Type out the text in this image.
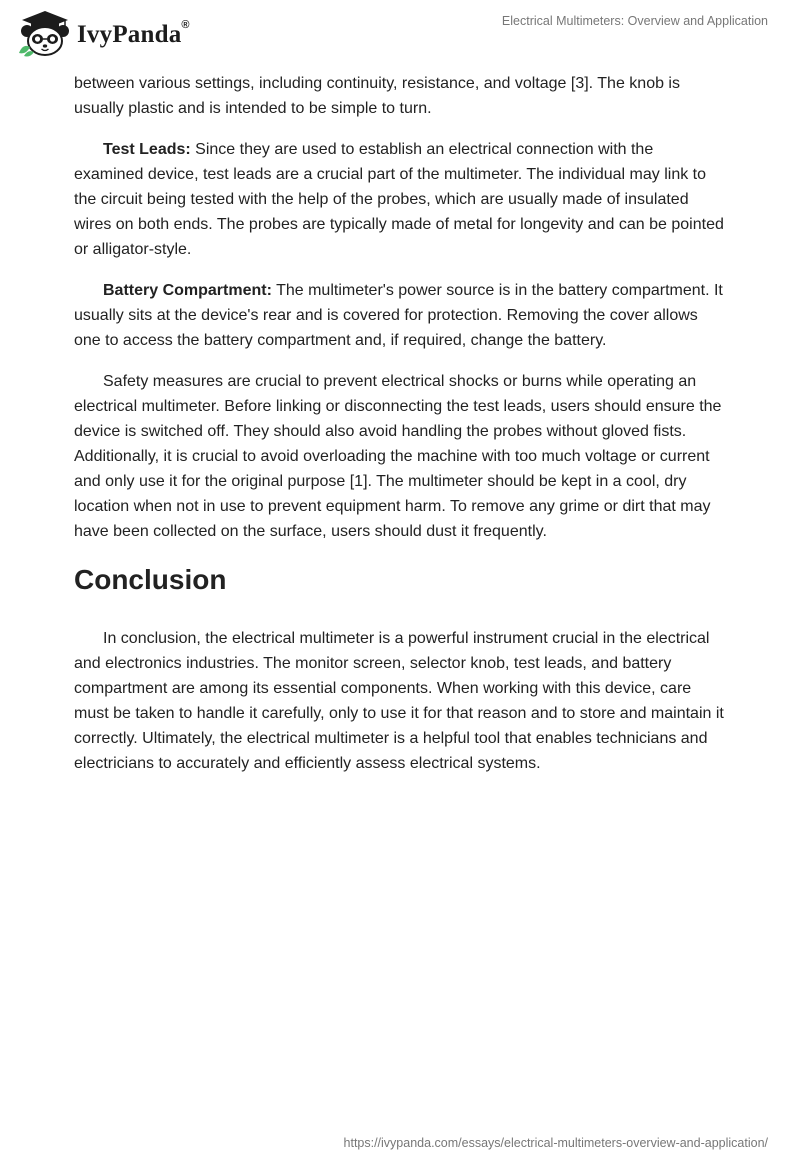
IvyPanda®	Electrical Multimeters: Overview and Application

between various settings, including continuity, resistance, and voltage [3]. The knob is usually plastic and is intended to be simple to turn.

Test Leads: Since they are used to establish an electrical connection with the examined device, test leads are a crucial part of the multimeter. The individual may link to the circuit being tested with the help of the probes, which are usually made of insulated wires on both ends. The probes are typically made of metal for longevity and can be pointed or alligator-style.

Battery Compartment: The multimeter's power source is in the battery compartment. It usually sits at the device's rear and is covered for protection. Removing the cover allows one to access the battery compartment and, if required, change the battery.

Safety measures are crucial to prevent electrical shocks or burns while operating an electrical multimeter. Before linking or disconnecting the test leads, users should ensure the device is switched off. They should also avoid handling the probes without gloved fists. Additionally, it is crucial to avoid overloading the machine with too much voltage or current and only use it for the original purpose [1]. The multimeter should be kept in a cool, dry location when not in use to prevent equipment harm. To remove any grime or dirt that may have been collected on the surface, users should dust it frequently.

Conclusion

In conclusion, the electrical multimeter is a powerful instrument crucial in the electrical and electronics industries. The monitor screen, selector knob, test leads, and battery compartment are among its essential components. When working with this device, care must be taken to handle it carefully, only to use it for that reason and to store and maintain it correctly. Ultimately, the electrical multimeter is a helpful tool that enables technicians and electricians to accurately and efficiently assess electrical systems.

https://ivypanda.com/essays/electrical-multimeters-overview-and-application/
